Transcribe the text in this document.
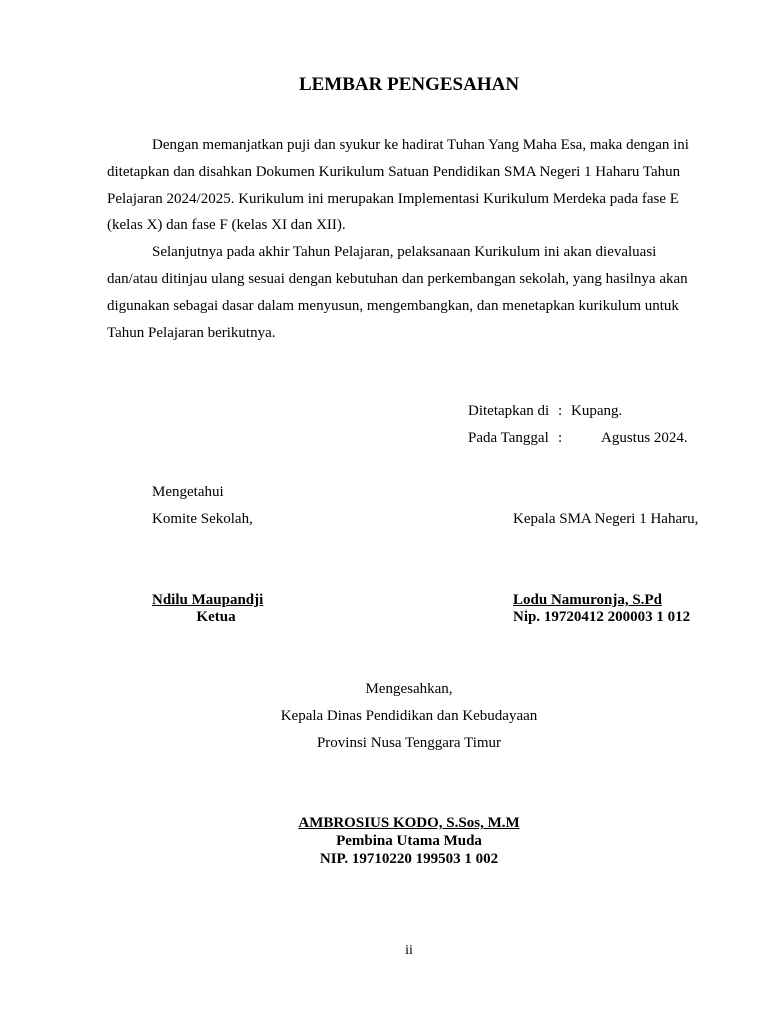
LEMBAR PENGESAHAN
Dengan memanjatkan puji dan syukur ke hadirat Tuhan Yang Maha Esa, maka dengan ini
ditetapkan dan disahkan Dokumen Kurikulum Satuan Pendidikan SMA Negeri 1 Haharu Tahun
Pelajaran 2024/2025. Kurikulum ini merupakan Implementasi Kurikulum Merdeka pada fase E
(kelas X) dan fase F (kelas XI dan XII).
Selanjutnya pada akhir Tahun Pelajaran, pelaksanaan Kurikulum ini akan dievaluasi
dan/atau ditinjau ulang sesuai dengan kebutuhan dan perkembangan sekolah, yang hasilnya akan
digunakan sebagai dasar dalam menyusun, mengembangkan, dan menetapkan kurikulum untuk
Tahun Pelajaran berikutnya.
Ditetapkan di : Kupang.
Pada Tanggal :	Agustus 2024.
Mengetahui
Komite Sekolah,
Ndilu Maupandji
Ketua
Kepala SMA Negeri 1 Haharu,
Lodu Namuronja, S.Pd
Nip. 19720412 200003 1 012
Mengesahkan,
Kepala Dinas Pendidikan dan Kebudayaan
Provinsi Nusa Tenggara Timur
AMBROSIUS KODO, S.Sos, M.M
Pembina Utama Muda
NIP. 19710220 199503 1 002
ii
